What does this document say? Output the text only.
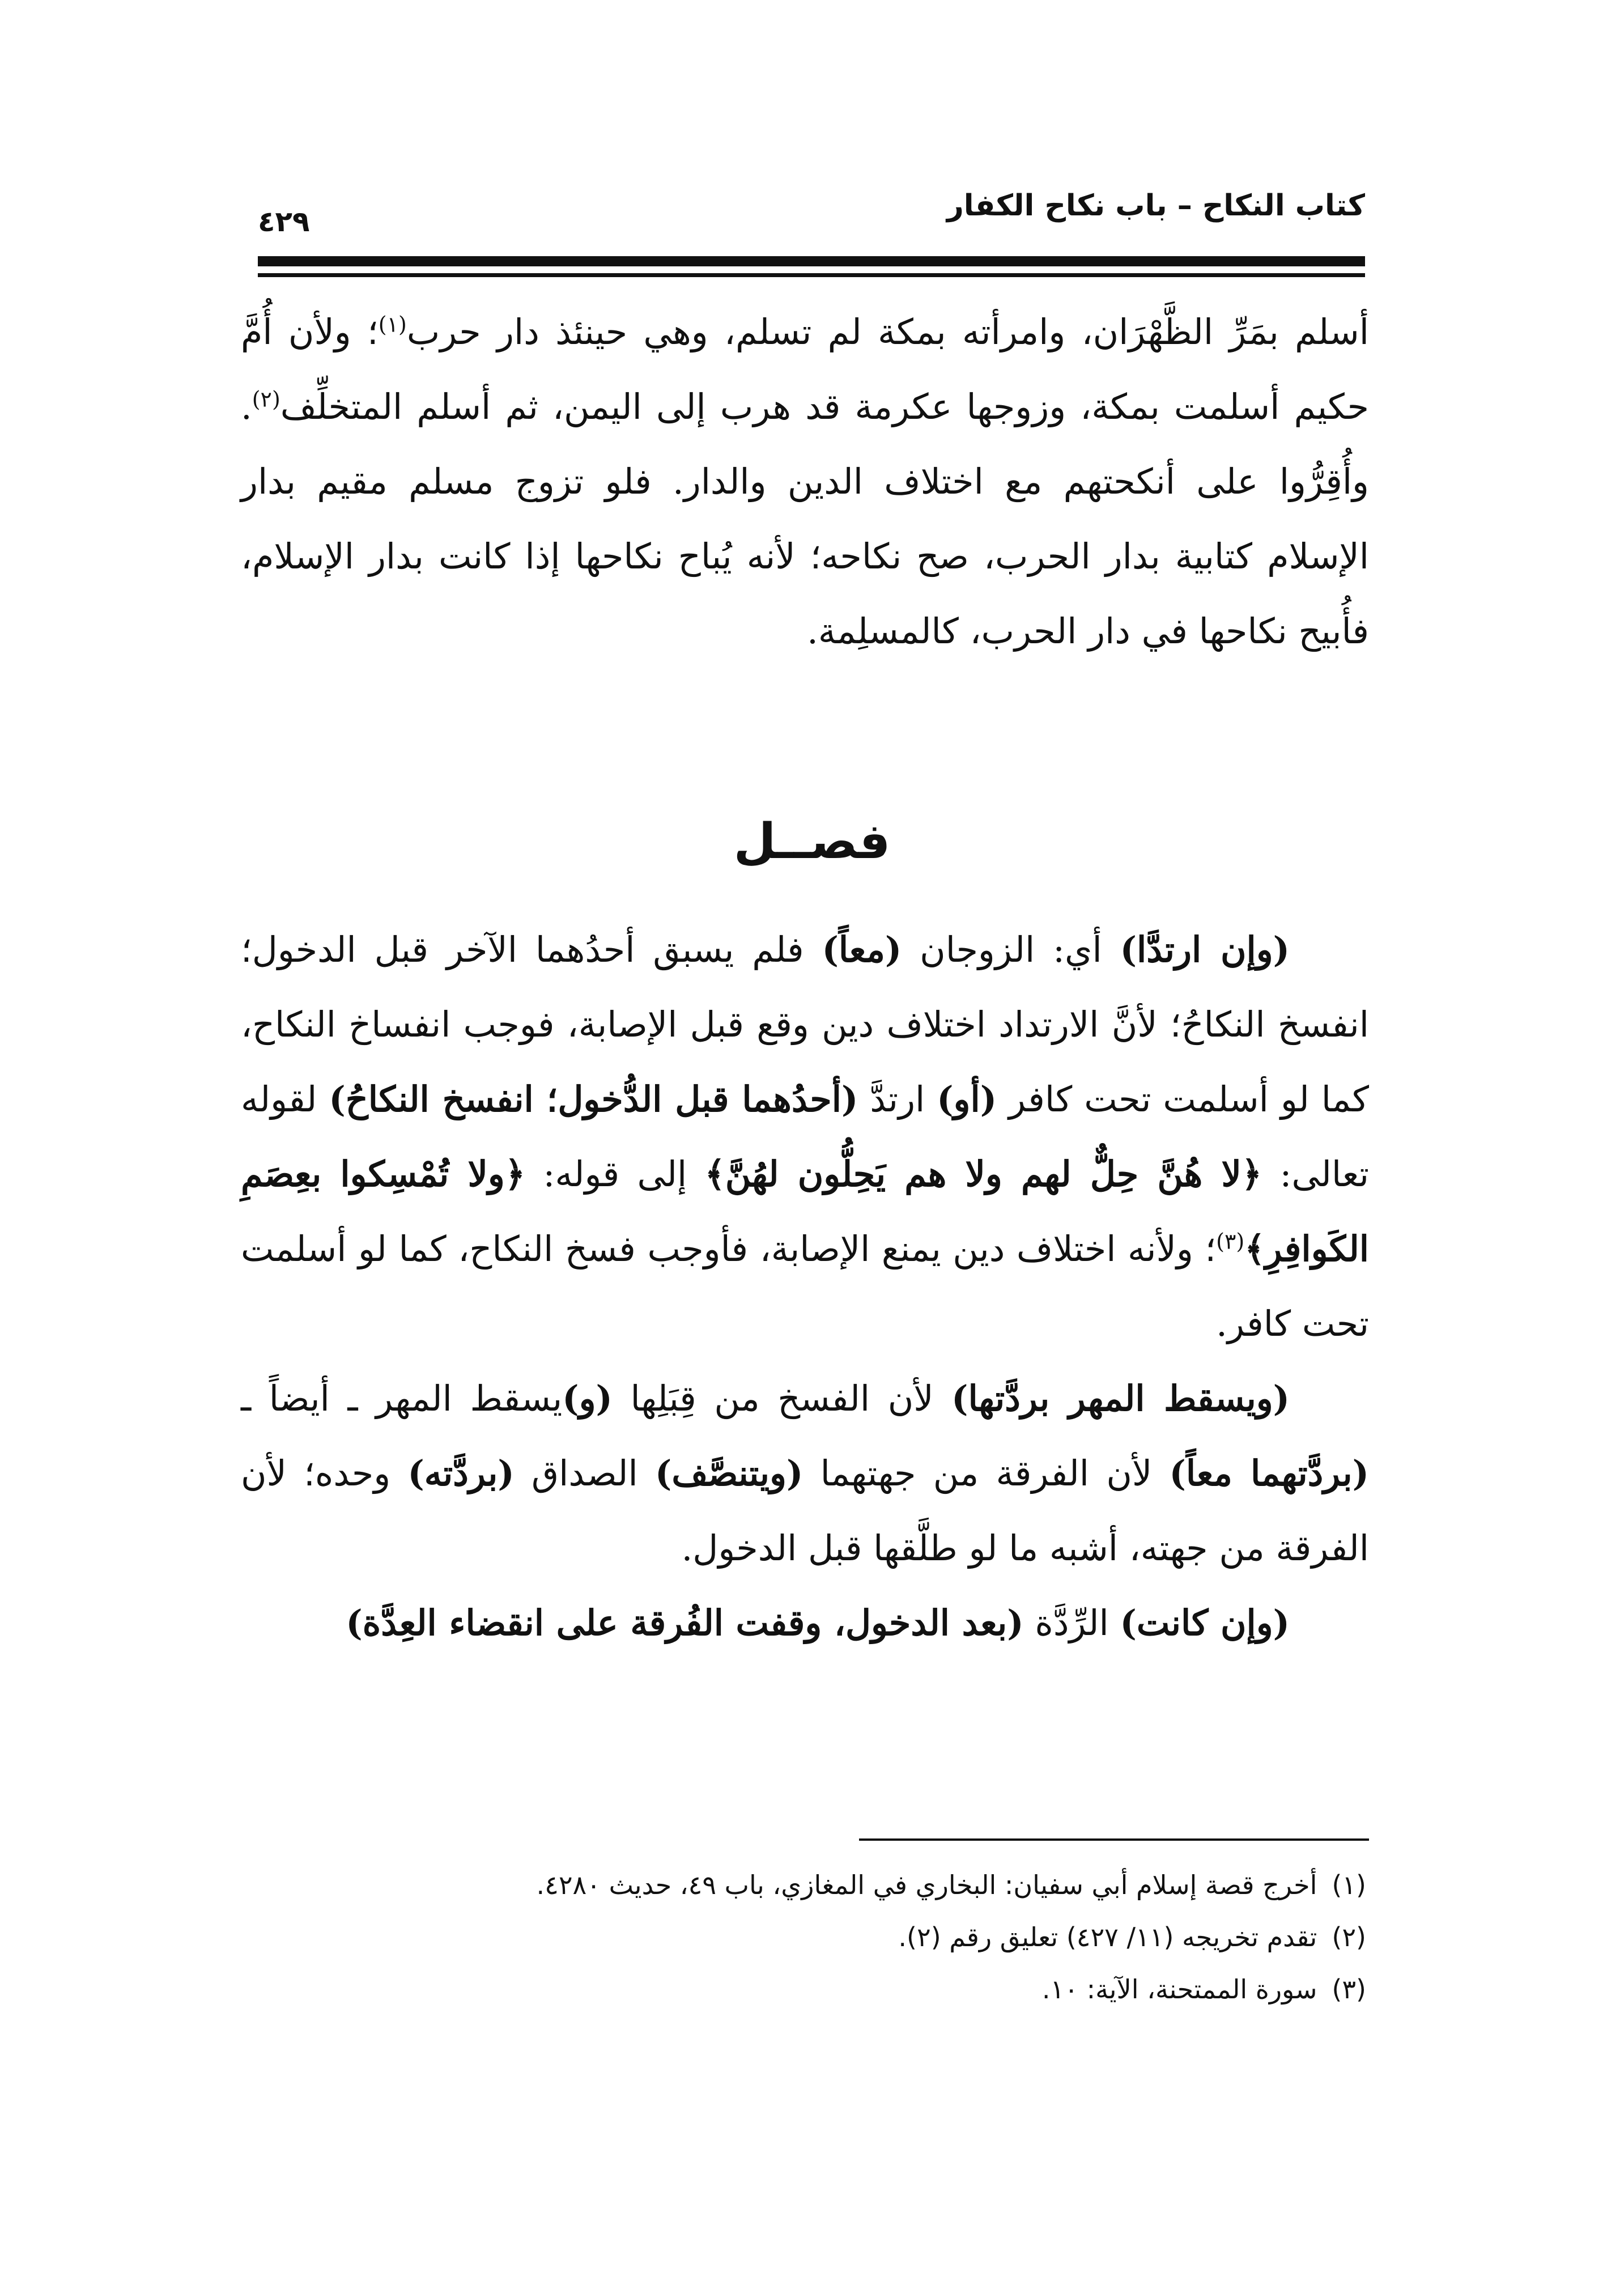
كتاب النكاح – باب نكاح الكفار
٤٢٩

أسلم بمَرِّ الظَّهْرَان، وامرأته بمكة لم تسلم، وهي حينئذ دار حرب$^{(١)}$؛ ولأن أُمَّ حكيم أسلمت بمكة، وزوجها عكرمة قد هرب إلى اليمن، ثم أسلم المتخلِّف$^{(٢)}$. وأُقِرُّوا على أنكحتهم مع اختلاف الدين والدار. فلو تزوج مسلم مقيم بدار الإسلام كتابية بدار الحرب، صح نكاحه؛ لأنه يُباح نكاحها إذا كانت بدار الإسلام، فأُبيح نكاحها في دار الحرب، كالمسلِمة.

فصــل

(وإن ارتدَّا) أي: الزوجان (معاً) فلم يسبق أحدُهما الآخر قبل الدخول؛ انفسخ النكاحُ؛ لأنَّ الارتداد اختلاف دين وقع قبل الإصابة، فوجب انفساخ النكاح، كما لو أسلمت تحت كافر (أو) ارتدَّ (أحدُهما قبل الدُّخول؛ انفسخ النكاحُ) لقوله تعالى: ﴿لا هُنَّ حِلٌّ لهم ولا هم يَحِلُّون لهُنَّ﴾ إلى قوله: ﴿ولا تُمْسِكوا بعِصَمِ الكَوافِرِ﴾$^{(٣)}$؛ ولأنه اختلاف دين يمنع الإصابة، فأوجب فسخ النكاح، كما لو أسلمت تحت كافر.

(ويسقط المهر بردَّتها) لأن الفسخ من قِبَلِها (و)يسقط المهر ـ أيضاً ـ (بردَّتهما معاً) لأن الفرقة من جهتهما (ويتنصَّف) الصداق (بردَّته) وحده؛ لأن الفرقة من جهته، أشبه ما لو طلَّقها قبل الدخول.

(وإن كانت) الرِّدَّة (بعد الدخول، وقفت الفُرقة على انقضاء العِدَّة)

(١) أخرج قصة إسلام أبي سفيان: البخاري في المغازي، باب ٤٩، حديث ٤٢٨٠.

(٢) تقدم تخريجه (١١/ ٤٢٧) تعليق رقم (٢).

(٣) سورة الممتحنة، الآية: ١٠.
